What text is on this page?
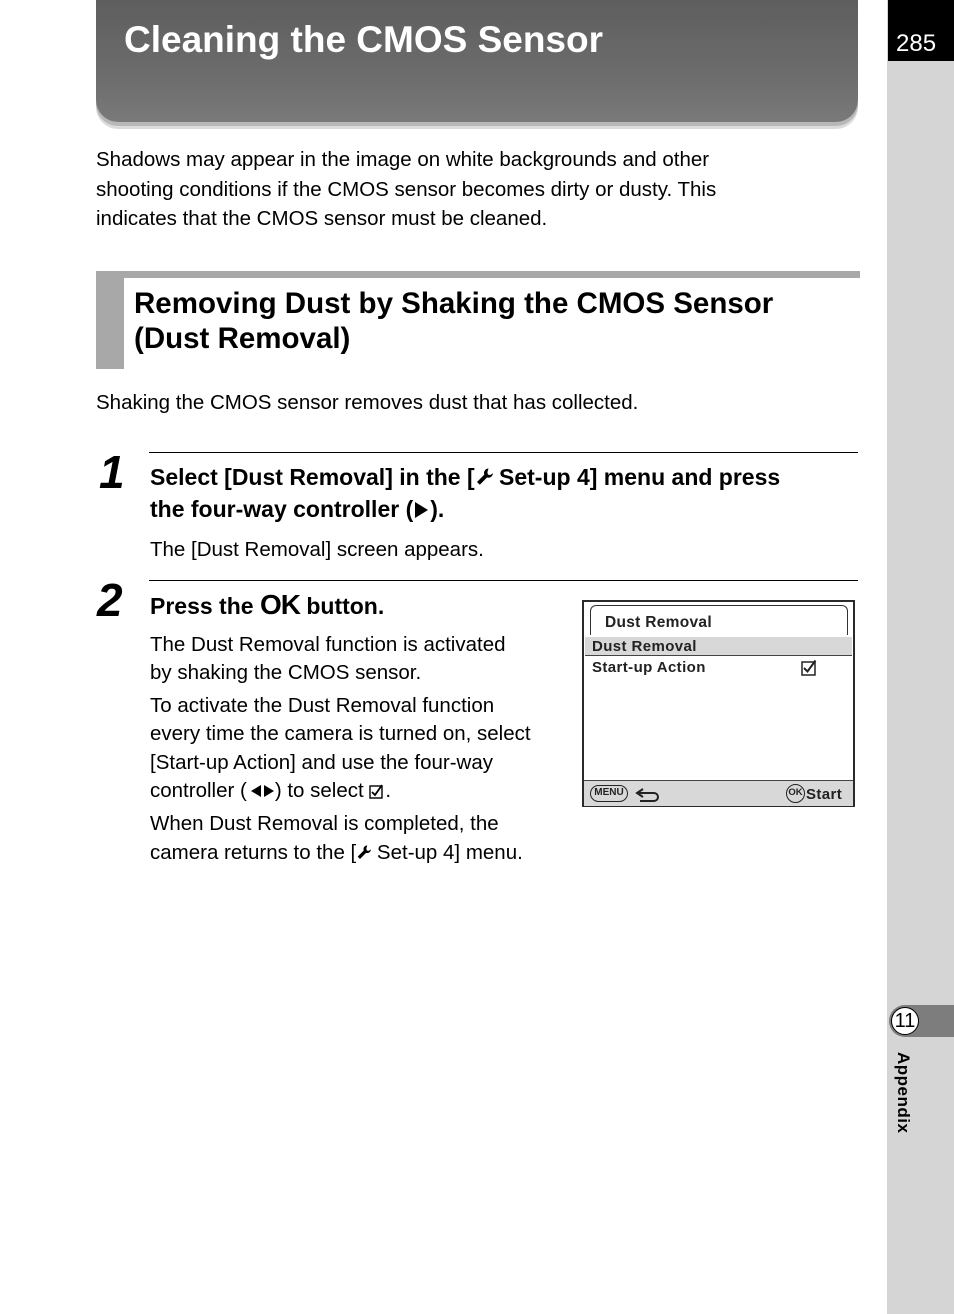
285
11
Appendix
Cleaning the CMOS Sensor

Shadows may appear in the image on white backgrounds and other

shooting conditions if the CMOS sensor becomes dirty or dusty. This

indicates that the CMOS sensor must be cleaned.

Removing Dust by Shaking the CMOS Sensor
(Dust Removal)

Shaking the CMOS sensor removes dust that has collected.

1 Select [Dust Removal] in the [ Set-up 4] menu and press
the four-way controller ( ).

The [Dust Removal] screen appears.

2 Press the OK button.

The Dust Removal function is activated

by shaking the CMOS sensor.

To activate the Dust Removal function

every time the camera is turned on, select

[Start-up Action] and use the four-way

controller ( ) to select .

When Dust Removal is completed, the

camera returns to the [ Set-up 4] menu.

Dust Removal
Dust Removal
Start-up Action
MENU	OK Start
